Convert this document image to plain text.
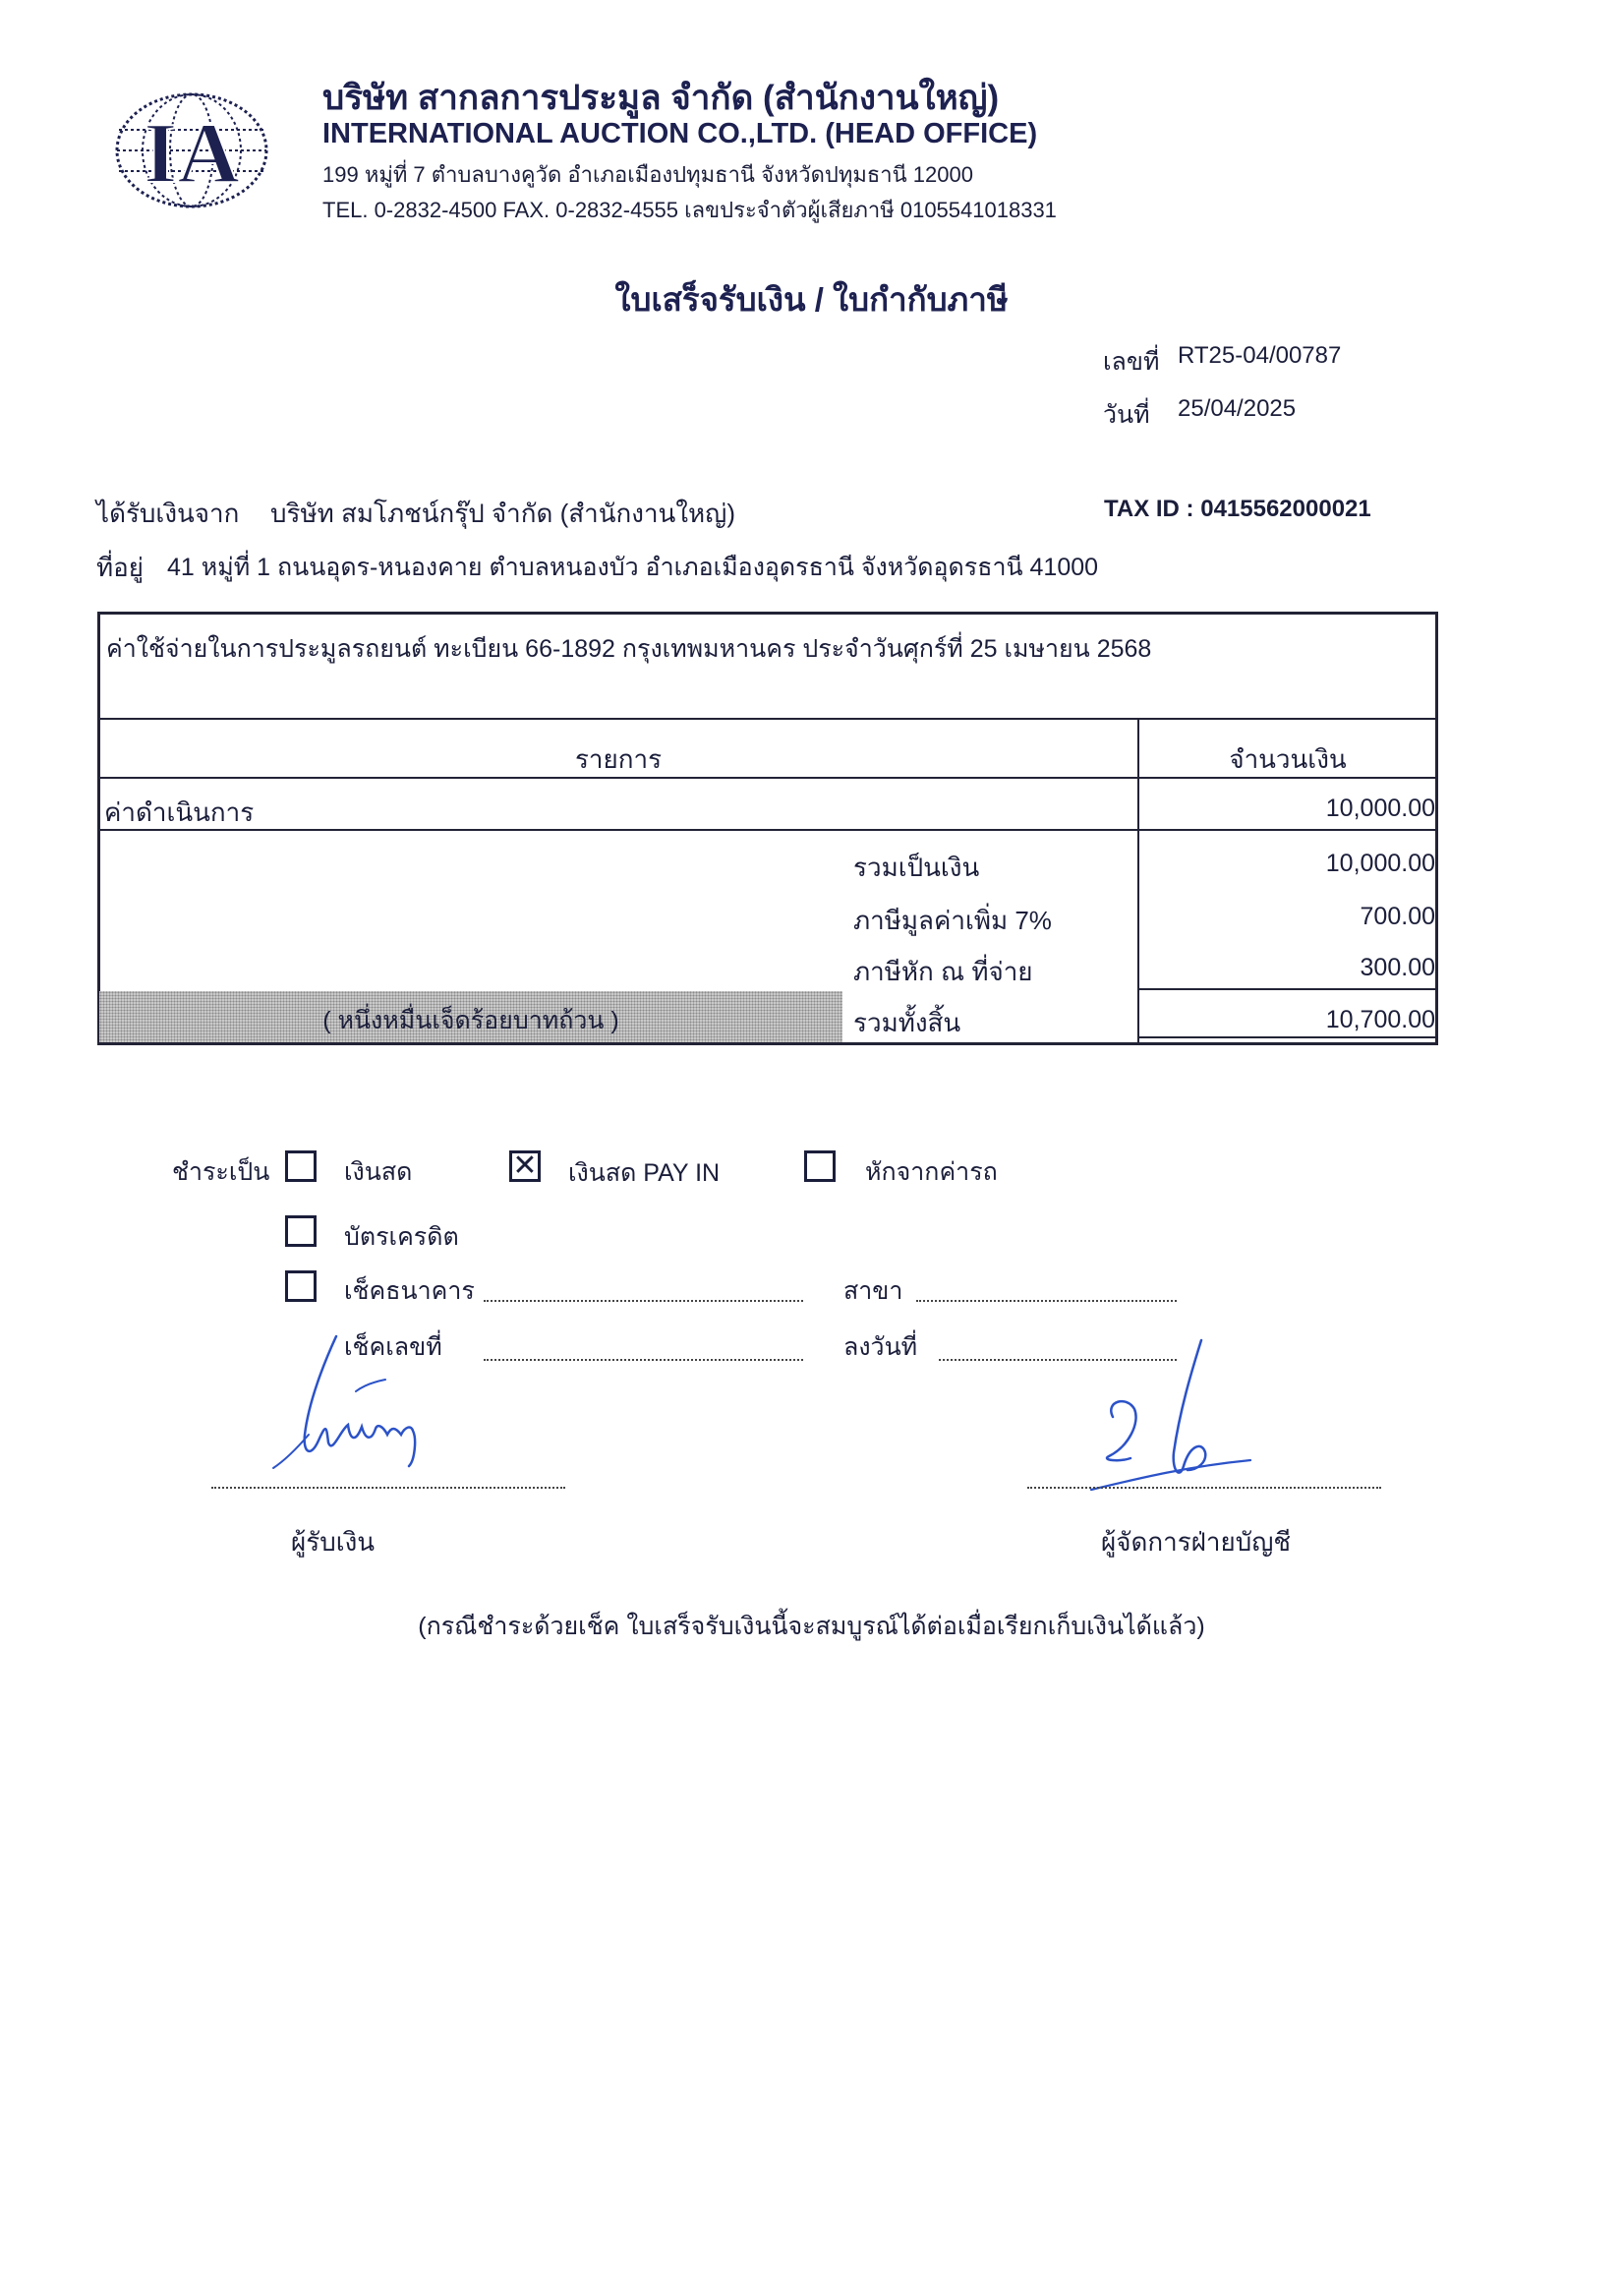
IA
บริษัท สากลการประมูล จำกัด (สำนักงานใหญ่)
INTERNATIONAL AUCTION CO.,LTD. (HEAD OFFICE)
199 หมู่ที่ 7 ตำบลบางคูวัด อำเภอเมืองปทุมธานี จังหวัดปทุมธานี 12000
TEL. 0-2832-4500 FAX. 0-2832-4555 เลขประจำตัวผู้เสียภาษี 0105541018331
ใบเสร็จรับเงิน / ใบกำกับภาษี
เลขที่ RT25-04/00787
วันที่ 25/04/2025
ได้รับเงินจาก บริษัท สมโภชน์กรุ๊ป จำกัด (สำนักงานใหญ่)	TAX ID : 0415562000021
ที่อยู่ 41 หมู่ที่ 1 ถนนอุดร-หนองคาย ตำบลหนองบัว อำเภอเมืองอุดรธานี จังหวัดอุดรธานี 41000
ค่าใช้จ่ายในการประมูลรถยนต์ ทะเบียน 66-1892 กรุงเทพมหานคร ประจำวันศุกร์ที่ 25 เมษายน 2568
รายการ	จำนวนเงิน
ค่าดำเนินการ	10,000.00
( หนึ่งหมื่นเจ็ดร้อยบาทถ้วน )
รวมเป็นเงิน	10,000.00
ภาษีมูลค่าเพิ่ม 7%	700.00
ภาษีหัก ณ ที่จ่าย	300.00
รวมทั้งสิ้น	10,700.00
ชำระเป็น	เงินสด	✕ เงินสด PAY IN	หักจากค่ารถ
บัตรเครดิต
เช็คธนาคาร	สาขา
เช็คเลขที่	ลงวันที่
ผู้รับเงิน	ผู้จัดการฝ่ายบัญชี
(กรณีชำระด้วยเช็ค ใบเสร็จรับเงินนี้จะสมบูรณ์ได้ต่อเมื่อเรียกเก็บเงินได้แล้ว)
